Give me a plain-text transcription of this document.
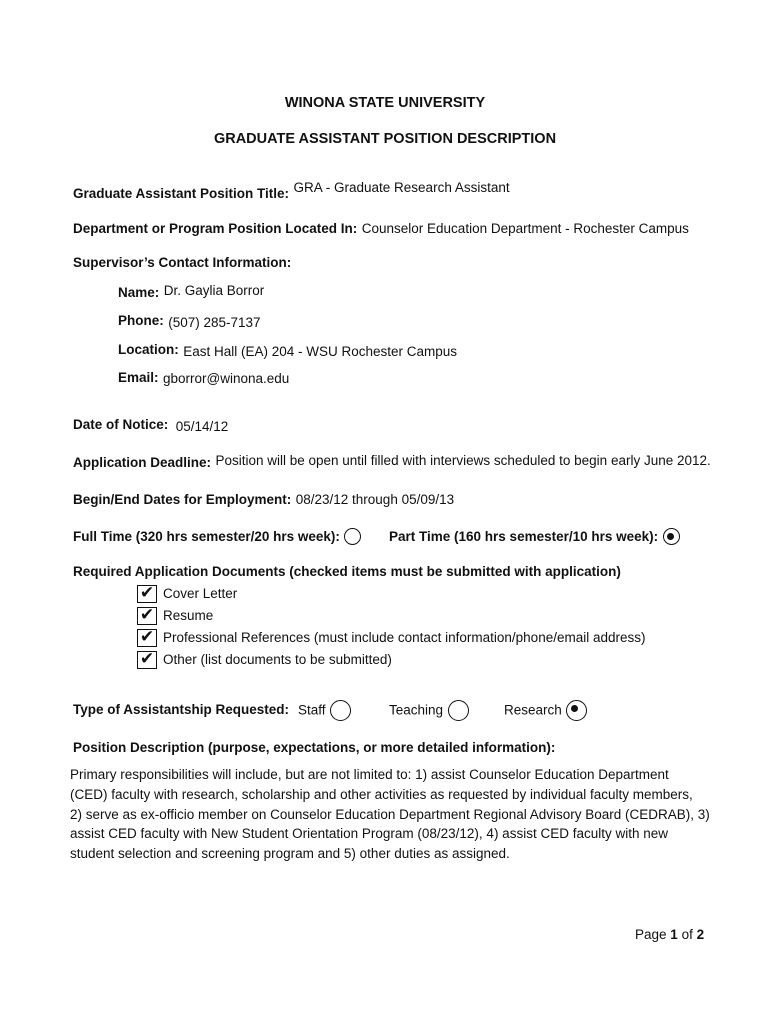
WINONA STATE UNIVERSITY
GRADUATE ASSISTANT POSITION DESCRIPTION
$_{Graduate Assistant Position Title:}$ GRA - Graduate Research Assistant
Department or Program Position Located In: Counselor Education Department - Rochester Campus
Supervisor’s Contact Information:
Name: Dr. Gaylia Borror
Phone: (507) 285-7137
Location: East Hall (EA) 204 - WSU Rochester Campus
Email: gborror@winona.edu
Date of Notice: 05/14/12
Application Deadline: Position will be open until filled with interviews scheduled to begin early June 2012.
Begin/End Dates for Employment: 08/23/12 through 05/09/13
Full Time (320 hrs semester/20 hrs week):	Part Time (160 hrs semester/10 hrs week):
Required Application Documents (checked items must be submitted with application)
✔ Cover Letter
✔ Resume
✔ Professional References (must include contact information/phone/email address)
✔ Other (list documents to be submitted)
Type of Assistantship Requested: Staff	Teaching	Research
Position Description (purpose, expectations, or more detailed information):
Primary responsibilities will include, but are not limited to: 1) assist Counselor Education Department
(CED) faculty with research, scholarship and other activities as requested by individual faculty members,
2) serve as ex-officio member on Counselor Education Department Regional Advisory Board (CEDRAB), 3)
assist CED faculty with New Student Orientation Program (08/23/12), 4) assist CED faculty with new
student selection and screening program and 5) other duties as assigned.
Page 1 of 2
